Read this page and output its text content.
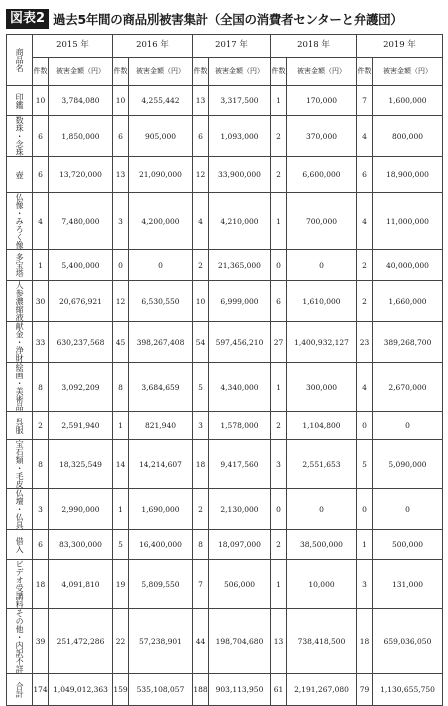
図表2 過去5年間の商品別被害集計（全国の消費者センターと弁護団）
商品名	2015 年		2016 年		2017 年		2018 年		2019 年	
	件数	被害金額（円）	件数	被害金額（円）	件数	被害金額（円）	件数	被害金額（円）	件数	被害金額（円）

印鑑	10	3,784,080	10	4,255,442	13	3,317,500	1	170,000	7	1,600,000

数珠・念珠	6	1,850,000	6	905,000	6	1,093,000	2	370,000	4	800,000

壺	6	13,720,000	13	21,090,000	12	33,900,000	2	6,600,000	6	18,900,000

仏像・みろく像	4	7,480,000	3	4,200,000	4	4,210,000	1	700,000	4	11,000,000

多宝塔	1	5,400,000	0	0	2	21,365,000	0	0	2	40,000,000

人参濃縮液	30	20,676,921	12	6,530,550	10	6,999,000	6	1,610,000	2	1,660,000

献金・浄財	33	630,237,568	45	398,267,408	54	597,456,210	27	1,400,932,127	23	389,268,700

絵画・美術品	8	3,092,209	8	3,684,659	5	4,340,000	1	300,000	4	2,670,000

呉服	2	2,591,940	1	821,940	3	1,578,000	2	1,104,800	0	0

宝石類・毛皮	8	18,325,549	14	14,214,607	18	9,417,560	3	2,551,653	5	5,090,000

仏壇・仏具	3	2,990,000	1	1,690,000	2	2,130,000	0	0	0	0

借入	6	83,300,000	5	16,400,000	8	18,097,000	2	38,500,000	1	500,000

ビデオ受講料	18	4,091,810	19	5,809,550	7	506,000	1	10,000	3	131,000

その他・内訳不詳	39	251,472,286	22	57,238,901	44	198,704,680	13	738,418,500	18	659,036,050

合計	174	1,049,012,363	159	535,108,057	188	903,113,950	61	2,191,267,080	79	1,130,655,750
